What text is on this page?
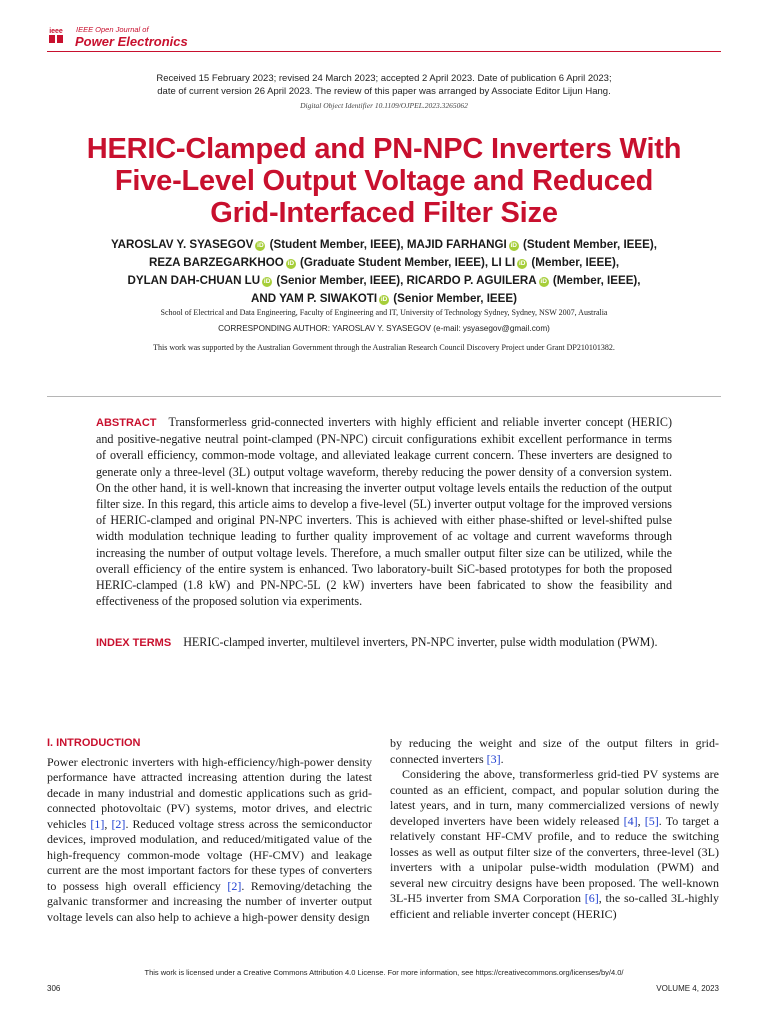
ieee IEEE Open Journal of
Power Electronics
Received 15 February 2023; revised 24 March 2023; accepted 2 April 2023. Date of publication 6 April 2023;
date of current version 26 April 2023. The review of this paper was arranged by Associate Editor Lijun Hang.
Digital Object Identifier 10.1109/OJPEL.2023.3265062
HERIC-Clamped and PN-NPC Inverters With
Five-Level Output Voltage and Reduced
Grid-Interfaced Filter Size
YAROSLAV Y. SYASEGOV iD (Student Member, IEEE), MAJID FARHANGI iD (Student Member, IEEE),
REZA BARZEGARKHOO iD (Graduate Student Member, IEEE), LI LI iD (Member, IEEE),
DYLAN DAH-CHUAN LU iD (Senior Member, IEEE), RICARDO P. AGUILERA iD (Member, IEEE),
AND YAM P. SIWAKOTI iD (Senior Member, IEEE)
School of Electrical and Data Engineering, Faculty of Engineering and IT, University of Technology Sydney, Sydney, NSW 2007, Australia
CORRESPONDING AUTHOR: YAROSLAV Y. SYASEGOV (e-mail: ysyasegov@gmail.com)
This work was supported by the Australian Government through the Australian Research Council Discovery Project under Grant DP210101382.
ABSTRACT Transformerless grid-connected inverters with highly efficient and reliable inverter concept (HERIC) and positive-negative neutral point-clamped (PN-NPC) circuit configurations exhibit excellent performance in terms of overall efficiency, common-mode voltage, and alleviated leakage current concern. These inverters are designed to generate only a three-level (3L) output voltage waveform, thereby reducing the power density of a conversion system. On the other hand, it is well-known that increasing the inverter output voltage levels entails the reduction of the output filter size. In this regard, this article aims to develop a five-level (5L) inverter output voltage for the improved versions of HERIC-clamped and original PN-NPC inverters. This is achieved with either phase-shifted or level-shifted pulse width modulation technique leading to further quality improvement of ac voltage and current waveforms through increasing the number of output voltage levels. Therefore, a much smaller output filter size can be utilized, while the overall efficiency of the entire system is enhanced. Two laboratory-built SiC-based prototypes for both the proposed HERIC-clamped (1.8 kW) and PN-NPC-5L (2 kW) inverters have been fabricated to show the feasibility and effectiveness of the proposed solution via experiments.
INDEX TERMS HERIC-clamped inverter, multilevel inverters, PN-NPC inverter, pulse width modulation (PWM).
I. INTRODUCTION

Power electronic inverters with high-efficiency/high-power density performance have attracted increasing attention during the latest decade in many industrial and domestic applications such as grid-connected photovoltaic (PV) systems, motor drives, and electric vehicles [1], [2]. Reduced voltage stress across the semiconductor devices, improved modulation, and reduced/mitigated value of the high-frequency common-mode voltage (HF-CMV) and leakage current are the most important factors for these types of converters to possess high overall efficiency [2]. Removing/detaching the galvanic transformer and increasing the number of inverter output voltage levels can also help to achieve a high-power density design

by reducing the weight and size of the output filters in grid-connected inverters [3].

Considering the above, transformerless grid-tied PV systems are counted as an efficient, compact, and popular solution during the latest years, and in turn, many commercialized versions of newly developed inverters have been widely released [4], [5]. To target a relatively constant HF-CMV profile, and to reduce the switching losses as well as output filter size of the converters, three-level (3L) inverters with a unipolar pulse-width modulation (PWM) and several new circuitry designs have been proposed. The well-known 3L-H5 inverter from SMA Corporation [6], the so-called 3L-highly efficient and reliable inverter concept (HERIC)

This work is licensed under a Creative Commons Attribution 4.0 License. For more information, see https://creativecommons.org/licenses/by/4.0/
306	VOLUME 4, 2023
